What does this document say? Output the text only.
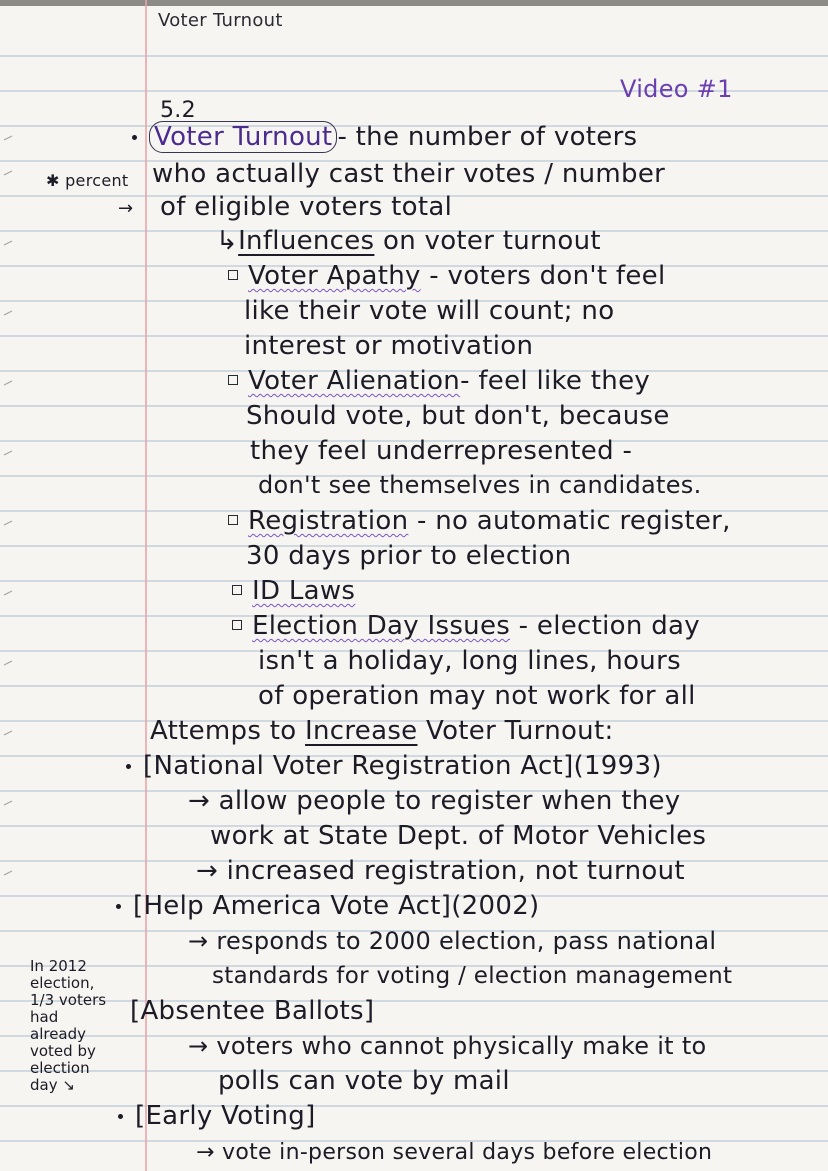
Voter Turnout
Video #1
5.2
Voter Turnout - the number of voters
✱ percent who actually cast their votes / number
→ of eligible voters total
↳Influences on voter turnout
Voter Apathy - voters don't feel
like their vote will count; no
interest or motivation
Voter Alienation- feel like they
Should vote, but don't, because
they feel underrepresented -
don't see themselves in candidates.
Registration - no automatic register,
30 days prior to election
ID Laws
Election Day Issues - election day
isn't a holiday, long lines, hours
of operation may not work for all
Attemps to Increase Voter Turnout:
[National Voter Registration Act](1993)
→ allow people to register when they
work at State Dept. of Motor Vehicles
→ increased registration, not turnout
[Help America Vote Act](2002)
→ responds to 2000 election, pass national
standards for voting / election management
[Absentee Ballots]
→ voters who cannot physically make it to
polls can vote by mail
[Early Voting]
→ vote in-person several days before election
In 2012
election,
1/3 voters
had
already
voted by
election
day ↘
